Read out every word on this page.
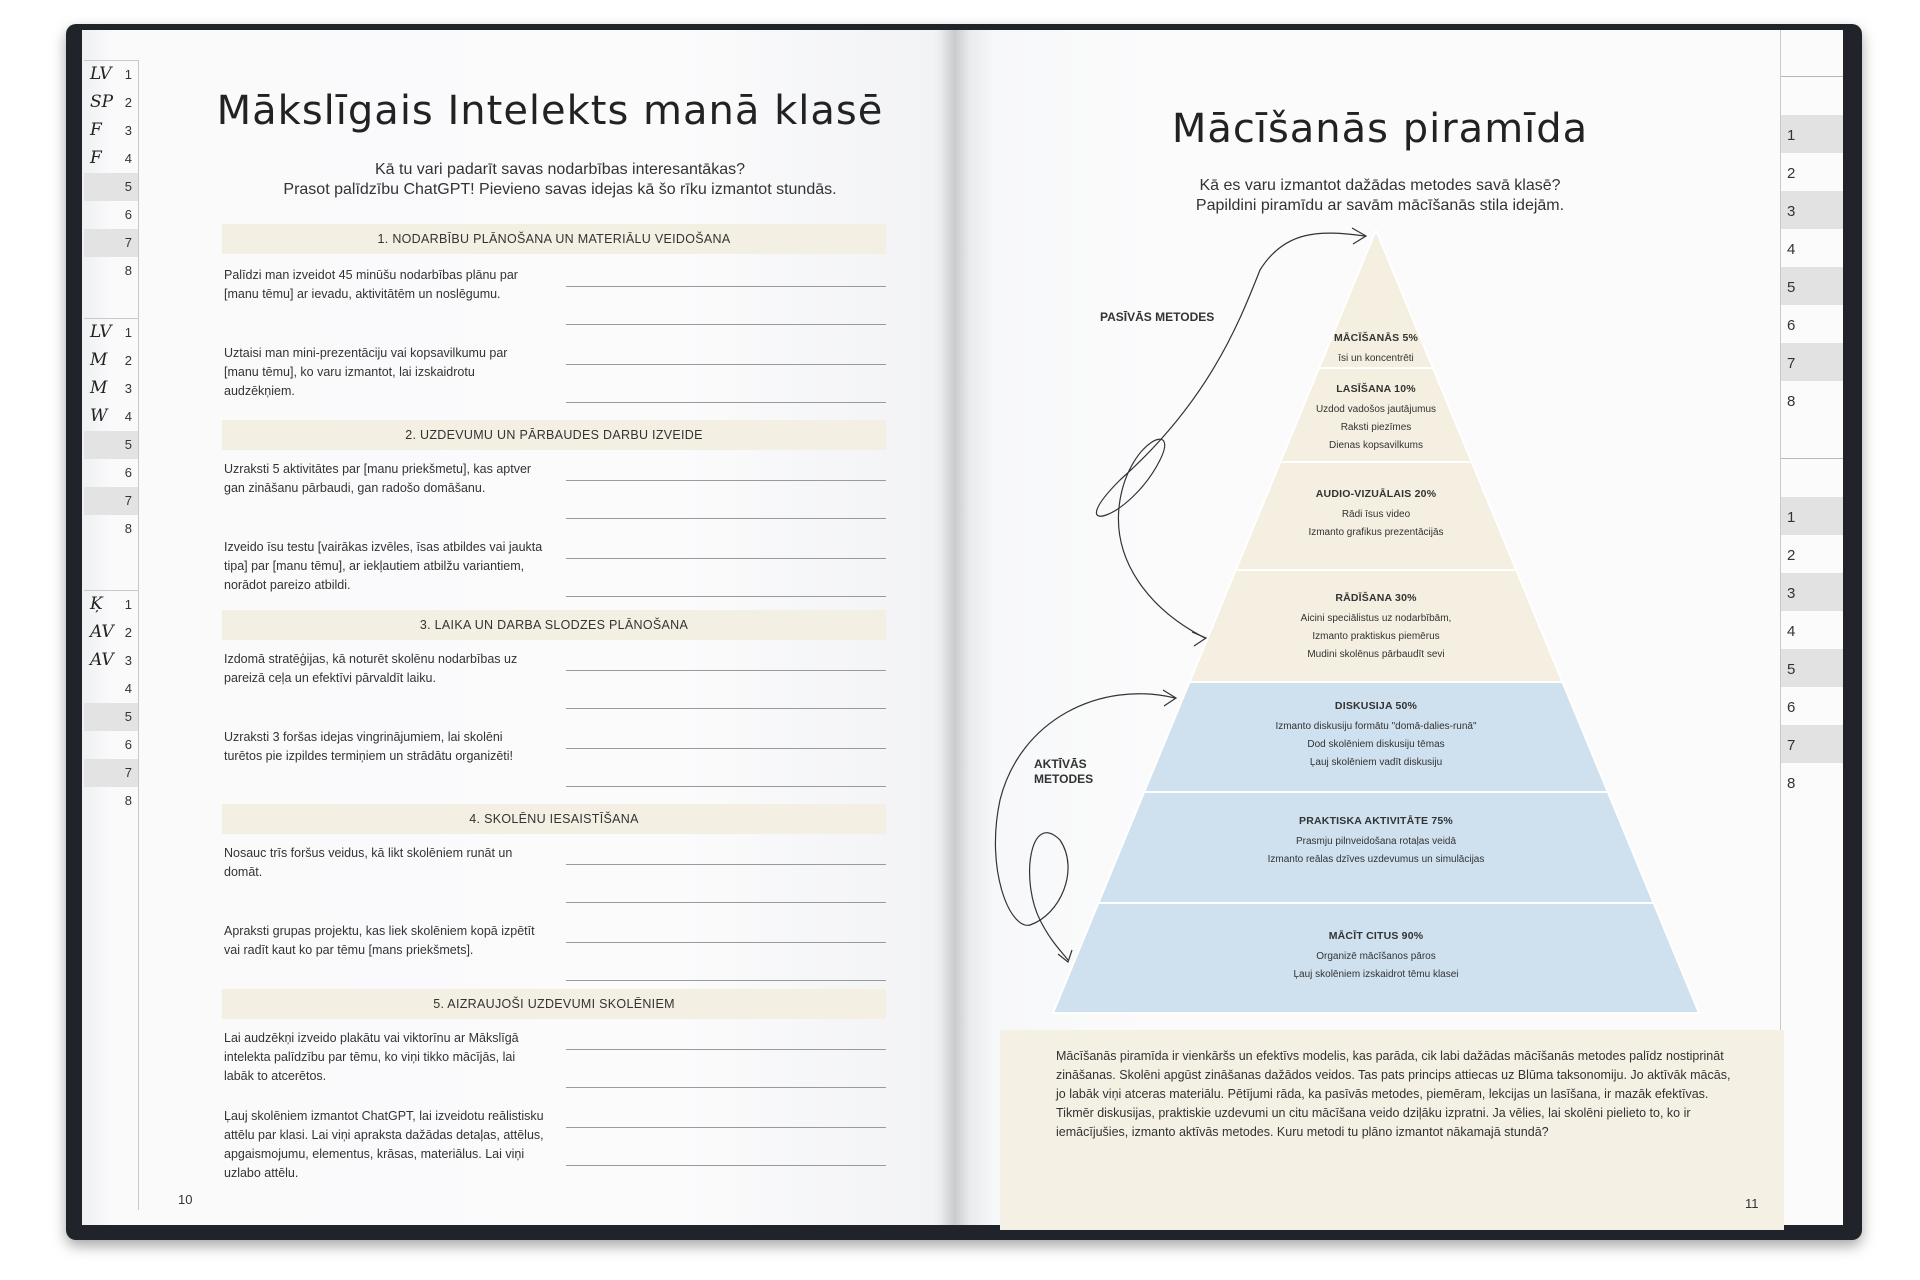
LV 1
SP 2
F 3
F 4
5
6
7
8
LV 1
M 2
M 3
W 4
5
6
7
8
Ķ 1
AV 2
AV 3
4
5
6
7
8
Mākslīgais Intelekts manā klasē
Kā tu vari padarīt savas nodarbības interesantākas?
Prasot palīdzību ChatGPT! Pievieno savas idejas kā šo rīku izmantot stundās.
1. NODARBĪBU PLĀNOŠANA UN MATERIĀLU VEIDOŠANA
Palīdzi man izveidot 45 minūšu nodarbības plānu par [manu tēmu] ar ievadu, aktivitātēm un noslēgumu.
Uztaisi man mini-prezentāciju vai kopsavilkumu par [manu tēmu], ko varu izmantot, lai izskaidrotu audzēkņiem.
2. UZDEVUMU UN PĀRBAUDES DARBU IZVEIDE
Uzraksti 5 aktivitātes par [manu priekšmetu], kas aptver gan zināšanu pārbaudi, gan radošo domāšanu.
Izveido īsu testu [vairākas izvēles, īsas atbildes vai jaukta tipa] par [manu tēmu], ar iekļautiem atbilžu variantiem, norādot pareizo atbildi.
3. LAIKA UN DARBA SLODZES PLĀNOŠANA
Izdomā stratēģijas, kā noturēt skolēnu nodarbības uz pareizā ceļa un efektīvi pārvaldīt laiku.
Uzraksti 3 foršas idejas vingrinājumiem, lai skolēni turētos pie izpildes termiņiem un strādātu organizēti!
4. SKOLĒNU IESAISTĪŠANA
Nosauc trīs foršus veidus, kā likt skolēniem runāt un domāt.
Apraksti grupas projektu, kas liek skolēniem kopā izpētīt vai radīt kaut ko par tēmu [mans priekšmets].
5. AIZRAUJOŠI UZDEVUMI SKOLĒNIEM
Lai audzēkņi izveido plakātu vai viktorīnu ar Mākslīgā intelekta palīdzību par tēmu, ko viņi tikko mācījās, lai labāk to atcerētos.
Ļauj skolēniem izmantot ChatGPT, lai izveidotu reālistisku attēlu par klasi. Lai viņi apraksta dažādas detaļas, attēlus, apgaismojumu, elementus, krāsas, materiālus. Lai viņi uzlabo attēlu.
10
1
2
3
4
5
6
7
8
1
2
3
4
5
6
7
8
Mācīšanās piramīda
Kā es varu izmantot dažādas metodes savā klasē?
Papildini piramīdu ar savām mācīšanās stila idejām.
MĀCĪŠANĀS 5%
īsi un koncentrēti
LASĪŠANA 10%
Uzdod vadošos jautājumus
Raksti piezīmes
Dienas kopsavilkums
AUDIO-VIZUĀLAIS 20%
Rādi īsus video
Izmanto grafikus prezentācijās
RĀDĪŠANA 30%
Aicini speciālistus uz nodarbībām,
Izmanto praktiskus piemērus
Mudini skolēnus pārbaudīt sevi
DISKUSIJA 50%
Izmanto diskusiju formātu "domā-dalies-runā"
Dod skolēniem diskusiju tēmas
Ļauj skolēniem vadīt diskusiju
PRAKTISKA AKTIVITĀTE 75%
Prasmju pilnveidošana rotaļas veidā
Izmanto reālas dzīves uzdevumus un simulācijas
MĀCĪT CITUS 90%
Organizē mācīšanos pāros
Ļauj skolēniem izskaidrot tēmu klasei
PASĪVĀS METODES
AKTĪVĀS
METODES
Mācīšanās piramīda ir vienkāršs un efektīvs modelis, kas parāda, cik labi dažādas mācīšanās metodes palīdz nostiprināt zināšanas. Skolēni apgūst zināšanas dažādos veidos. Tas pats princips attiecas uz Blūma taksonomiju. Jo aktīvāk mācās, jo labāk viņi atceras materiālu. Pētījumi rāda, ka pasīvās metodes, piemēram, lekcijas un lasīšana, ir mazāk efektīvas. Tikmēr diskusijas, praktiskie uzdevumi un citu mācīšana veido dziļāku izpratni. Ja vēlies, lai skolēni pielieto to, ko ir iemācījušies, izmanto aktīvās metodes. Kuru metodi tu plāno izmantot nākamajā stundā?
11
